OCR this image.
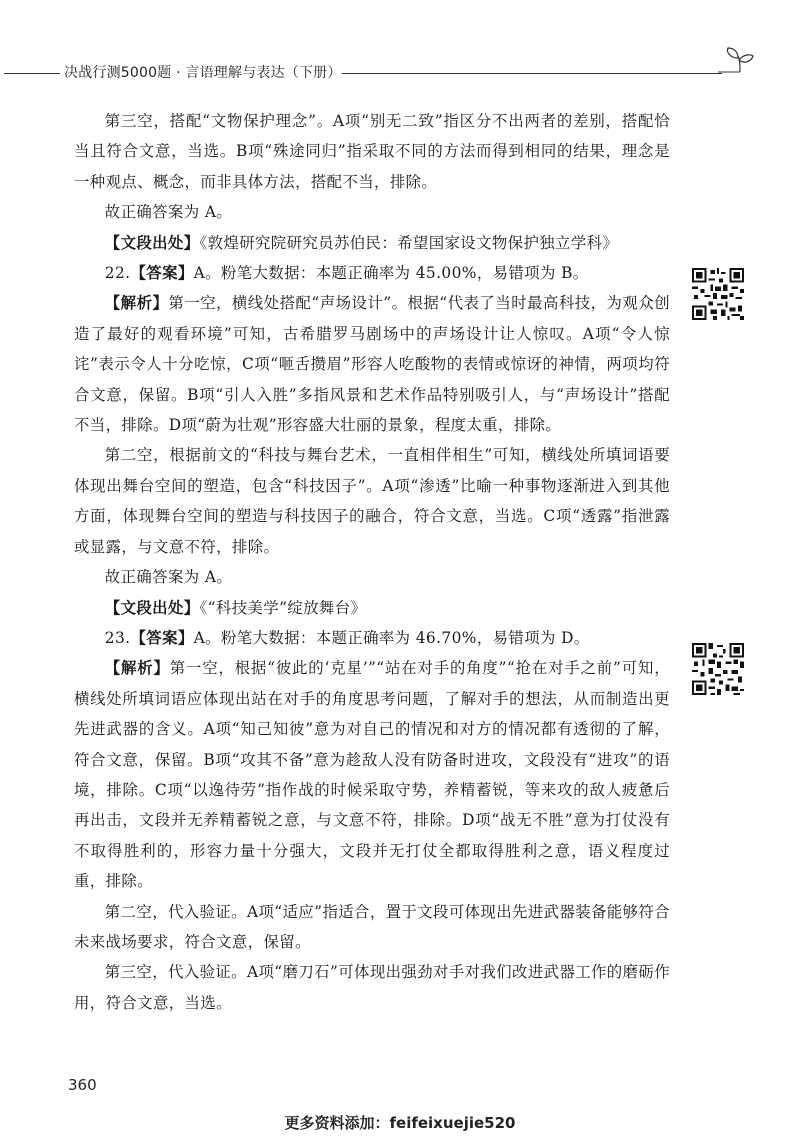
决战行测5000题 · 言语理解与表达（下册）

第三空，搭配“文物保护理念”。A项“别无二致”指区分不出两者的差别，搭配恰当且符合文意，当选。B项“殊途同归”指采取不同的方法而得到相同的结果，理念是一种观点、概念，而非具体方法，搭配不当，排除。

故正确答案为 A。

【文段出处】《敦煌研究院研究员苏伯民：希望国家设文物保护独立学科》

22.【答案】A。粉笔大数据：本题正确率为 45.00%，易错项为 B。

【解析】第一空，横线处搭配“声场设计”。根据“代表了当时最高科技，为观众创造了最好的观看环境”可知，古希腊罗马剧场中的声场设计让人惊叹。A项“令人惊诧”表示令人十分吃惊，C项“咂舌攒眉”形容人吃酸物的表情或惊讶的神情，两项均符合文意，保留。B项“引人入胜”多指风景和艺术作品特别吸引人，与“声场设计”搭配不当，排除。D项“蔚为壮观”形容盛大壮丽的景象，程度太重，排除。

第二空，根据前文的“科技与舞台艺术，一直相伴相生”可知，横线处所填词语要体现出舞台空间的塑造，包含“科技因子”。A项“渗透”比喻一种事物逐渐进入到其他方面，体现舞台空间的塑造与科技因子的融合，符合文意，当选。C项“透露”指泄露或显露，与文意不符，排除。

故正确答案为 A。

【文段出处】《“科技美学”绽放舞台》

23.【答案】A。粉笔大数据：本题正确率为 46.70%，易错项为 D。

【解析】第一空，根据“彼此的‘克星’”“站在对手的角度”“抢在对手之前”可知，横线处所填词语应体现出站在对手的角度思考问题，了解对手的想法，从而制造出更先进武器的含义。A项“知己知彼”意为对自己的情况和对方的情况都有透彻的了解，符合文意，保留。B项“攻其不备”意为趁敌人没有防备时进攻，文段没有“进攻”的语境，排除。C项“以逸待劳”指作战的时候采取守势，养精蓄锐，等来攻的敌人疲惫后再出击，文段并无养精蓄锐之意，与文意不符，排除。D项“战无不胜”意为打仗没有不取得胜利的，形容力量十分强大，文段并无打仗全都取得胜利之意，语义程度过重，排除。

第二空，代入验证。A项“适应”指适合，置于文段可体现出先进武器装备能够符合未来战场要求，符合文意，保留。

第三空，代入验证。A项“磨刀石”可体现出强劲对手对我们改进武器工作的磨砺作用，符合文意，当选。

360
更多资料添加：feifeixuejie520
